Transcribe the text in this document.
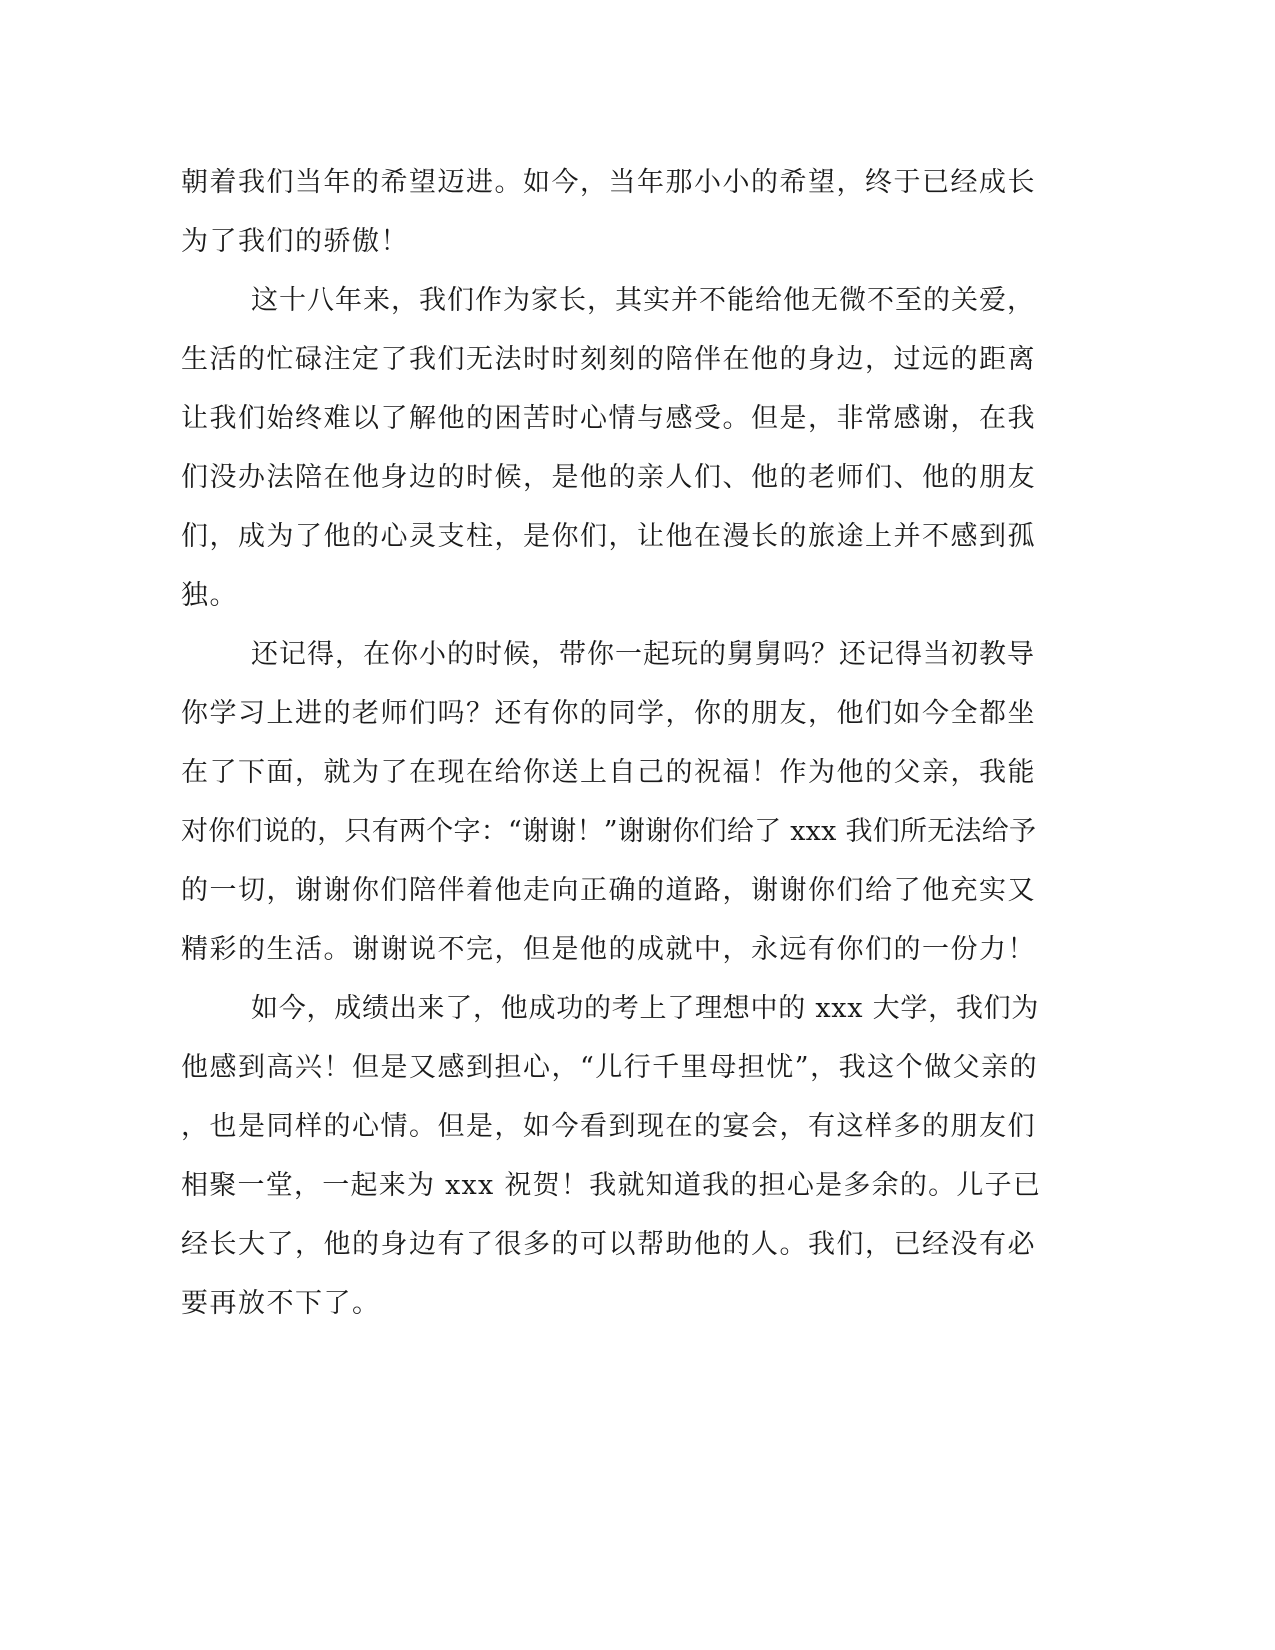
朝着我们当年的希望迈进。如今，当年那小小的希望，终于已经成长
为了我们的骄傲！
这十八年来，我们作为家长，其实并不能给他无微不至的关爱，
生活的忙碌注定了我们无法时时刻刻的陪伴在他的身边，过远的距离
让我们始终难以了解他的困苦时心情与感受。但是，非常感谢，在我
们没办法陪在他身边的时候，是他的亲人们、他的老师们、他的朋友
们，成为了他的心灵支柱，是你们，让他在漫长的旅途上并不感到孤
独。
还记得，在你小的时候，带你一起玩的舅舅吗？还记得当初教导
你学习上进的老师们吗？还有你的同学，你的朋友，他们如今全都坐
在了下面，就为了在现在给你送上自己的祝福！作为他的父亲，我能
对你们说的，只有两个字：“谢谢！”谢谢你们给了 xxx 我们所无法给予
的一切，谢谢你们陪伴着他走向正确的道路，谢谢你们给了他充实又
精彩的生活。谢谢说不完，但是他的成就中，永远有你们的一份力！
如今，成绩出来了，他成功的考上了理想中的 xxx 大学，我们为
他感到高兴！但是又感到担心，“儿行千里母担忧”，我这个做父亲的
，也是同样的心情。但是，如今看到现在的宴会，有这样多的朋友们
相聚一堂，一起来为 xxx 祝贺！我就知道我的担心是多余的。儿子已
经长大了，他的身边有了很多的可以帮助他的人。我们，已经没有必
要再放不下了。
